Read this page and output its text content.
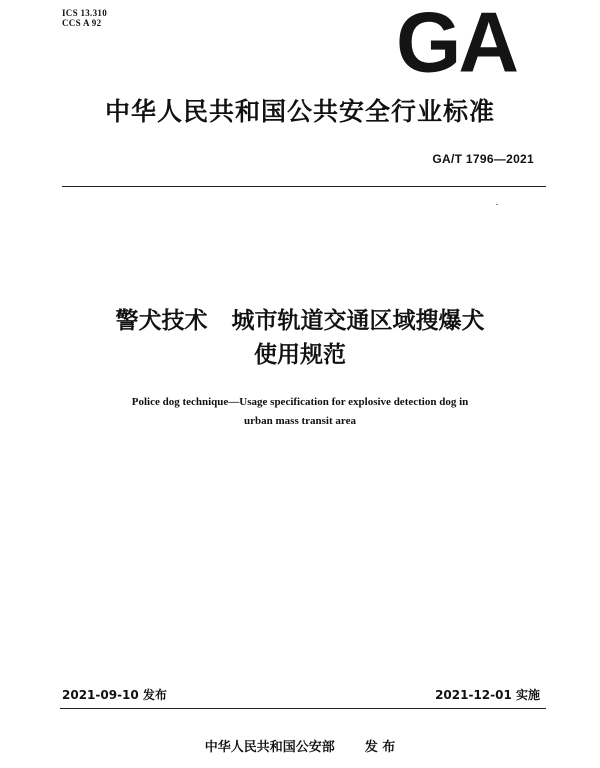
ICS 13.310
CCS A 92	GA
中华人民共和国公共安全行业标准
GA/T 1796—2021
警犬技术 城市轨道交通区域搜爆犬
使用规范
Police dog technique—Usage specification for explosive detection dog in
urban mass transit area
2021-09-10 发布	2021-12-01 实施
中华人民共和国公安部 发 布
